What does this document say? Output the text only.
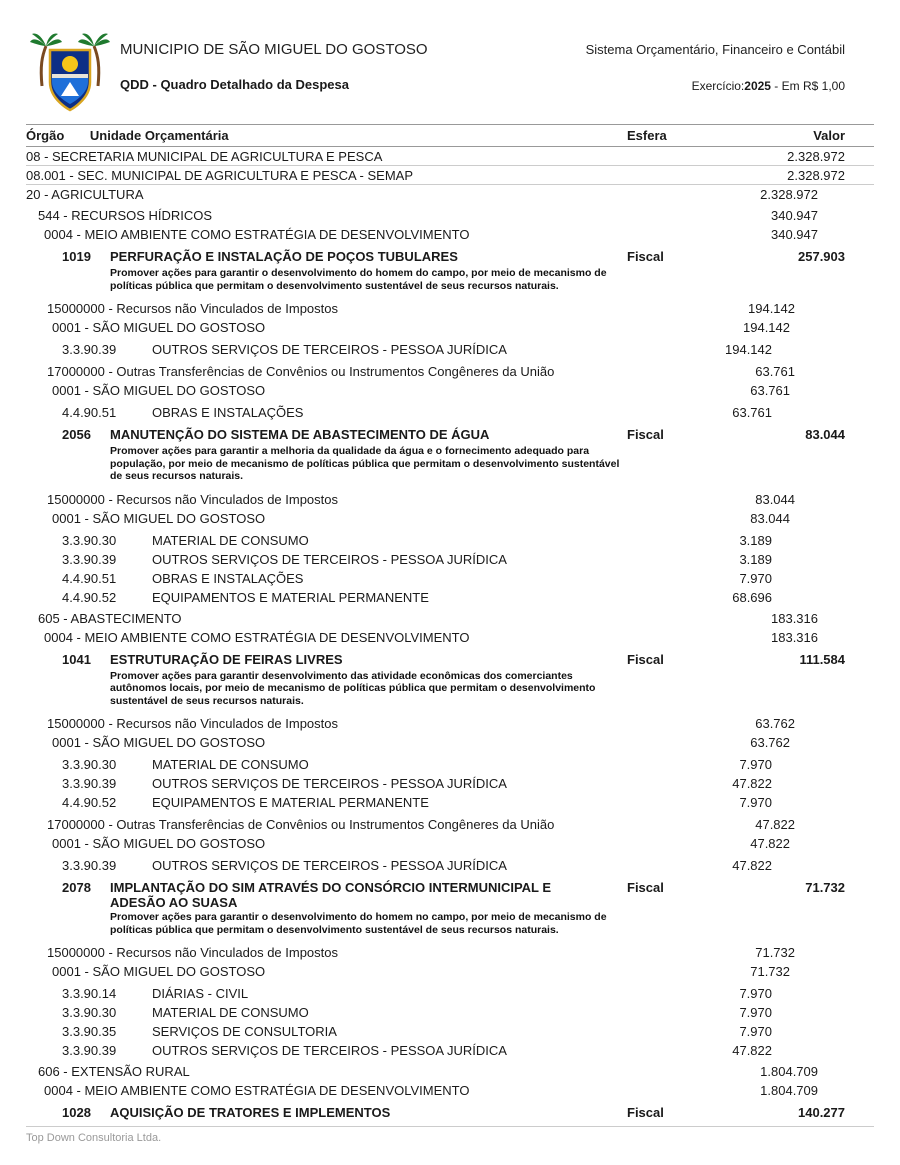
MUNICIPIO DE SÃO MIGUEL DO GOSTOSO	Sistema Orçamentário, Financeiro e Contábil
QDD - Quadro Detalhado da Despesa	Exercício:2025 - Em R$ 1,00
Órgão Unidade Orçamentária	Esfera	Valor
08 - SECRETARIA MUNICIPAL DE AGRICULTURA E PESCA	2.328.972
08.001 - SEC. MUNICIPAL DE AGRICULTURA E PESCA - SEMAP	2.328.972
20 - AGRICULTURA	2.328.972
544 - RECURSOS HÍDRICOS	340.947
0004 - MEIO AMBIENTE COMO ESTRATÉGIA DE DESENVOLVIMENTO	340.947
1019 PERFURAÇÃO E INSTALAÇÃO DE POÇOS TUBULARES	Fiscal	257.903
Promover ações para garantir o desenvolvimento do homem do campo, por meio de mecanismo de políticas pública que permitam o desenvolvimento sustentável de seus recursos naturais.
15000000 - Recursos não Vinculados de Impostos	194.142
0001 - SÃO MIGUEL DO GOSTOSO	194.142
3.3.90.39	OUTROS SERVIÇOS DE TERCEIROS - PESSOA JURÍDICA	194.142
17000000 - Outras Transferências de Convênios ou Instrumentos Congêneres da União	63.761
0001 - SÃO MIGUEL DO GOSTOSO	63.761
4.4.90.51	OBRAS E INSTALAÇÕES	63.761
2056 MANUTENÇÃO DO SISTEMA DE ABASTECIMENTO DE ÁGUA	Fiscal	83.044
Promover ações para garantir a melhoria da qualidade da água e o fornecimento adequado para população, por meio de mecanismo de políticas pública que permitam o desenvolvimento sustentável de seus recursos naturais.
15000000 - Recursos não Vinculados de Impostos	83.044
0001 - SÃO MIGUEL DO GOSTOSO	83.044
3.3.90.30	MATERIAL DE CONSUMO	3.189
3.3.90.39	OUTROS SERVIÇOS DE TERCEIROS - PESSOA JURÍDICA	3.189
4.4.90.51	OBRAS E INSTALAÇÕES	7.970
4.4.90.52	EQUIPAMENTOS E MATERIAL PERMANENTE	68.696
605 - ABASTECIMENTO	183.316
0004 - MEIO AMBIENTE COMO ESTRATÉGIA DE DESENVOLVIMENTO	183.316
1041 ESTRUTURAÇÃO DE FEIRAS LIVRES	Fiscal	111.584
Promover ações para garantir desenvolvimento das atividade econômicas dos comerciantes autônomos locais, por meio de mecanismo de políticas pública que permitam o desenvolvimento sustentável de seus recursos naturais.
15000000 - Recursos não Vinculados de Impostos	63.762
0001 - SÃO MIGUEL DO GOSTOSO	63.762
3.3.90.30	MATERIAL DE CONSUMO	7.970
3.3.90.39	OUTROS SERVIÇOS DE TERCEIROS - PESSOA JURÍDICA	47.822
4.4.90.52	EQUIPAMENTOS E MATERIAL PERMANENTE	7.970
17000000 - Outras Transferências de Convênios ou Instrumentos Congêneres da União	47.822
0001 - SÃO MIGUEL DO GOSTOSO	47.822
3.3.90.39	OUTROS SERVIÇOS DE TERCEIROS - PESSOA JURÍDICA	47.822
2078 IMPLANTAÇÃO DO SIM ATRAVÉS DO CONSÓRCIO INTERMUNICIPAL E ADESÃO AO SUASA
Fiscal	71.732
Promover ações para garantir o desenvolvimento do homem no campo, por meio de mecanismo de políticas pública que permitam o desenvolvimento sustentável de seus recursos naturais.
15000000 - Recursos não Vinculados de Impostos	71.732
0001 - SÃO MIGUEL DO GOSTOSO	71.732
3.3.90.14	DIÁRIAS - CIVIL	7.970
3.3.90.30	MATERIAL DE CONSUMO	7.970
3.3.90.35	SERVIÇOS DE CONSULTORIA	7.970
3.3.90.39	OUTROS SERVIÇOS DE TERCEIROS - PESSOA JURÍDICA	47.822
606 - EXTENSÃO RURAL	1.804.709
0004 - MEIO AMBIENTE COMO ESTRATÉGIA DE DESENVOLVIMENTO	1.804.709
1028 AQUISIÇÃO DE TRATORES E IMPLEMENTOS	Fiscal	140.277
Top Down Consultoria Ltda.
